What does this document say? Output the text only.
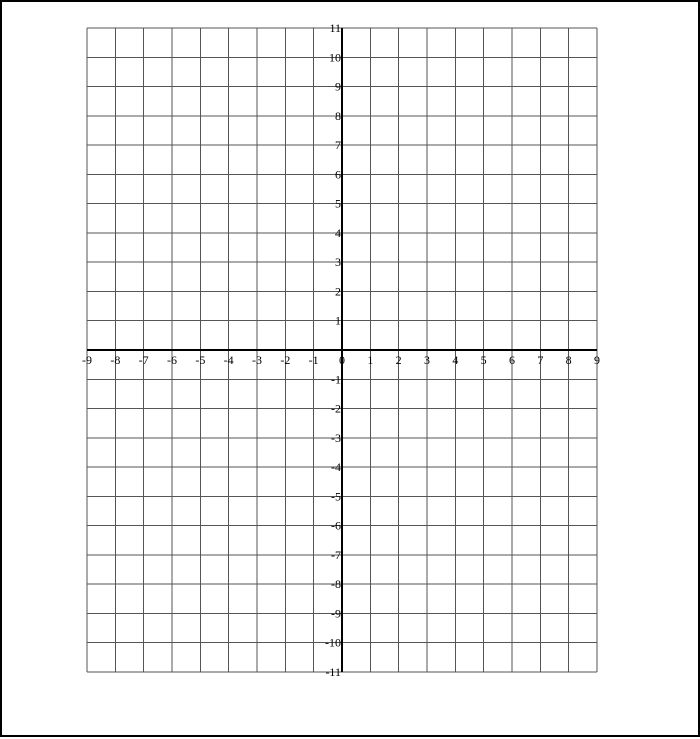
-9 -8 -7 -6 -5 -4 -3 -2 -1 0 1 2 3 4 5 6 7 8 9
11
10
9
8
7
6
5
4
3
2
1
-1
-2
-3
-4
-5
-6
-7
-8
-9
-10
-11
